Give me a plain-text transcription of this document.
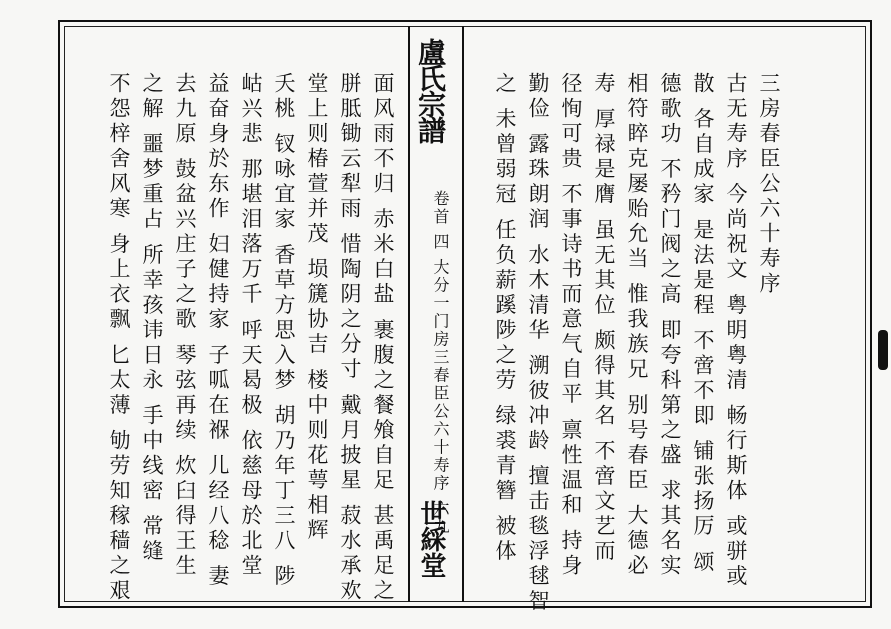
盧氏宗譜
卷首 四 大分一门房三春臣公六十寿序 六九
世綵堂
三房春臣公六十寿序
古无寿序 今尚祝文 粤明粤清 畅行斯体 或骈或
散 各自成家 是法是程 不啻不即 铺张扬厉 颂
德歌功 不矜门阀之高 即夸科第之盛 求其名实
相符睟克屡贻允当 惟我族兄 别号春臣 大德必
寿 厚禄是膺 虽无其位 颇得其名 不啻文艺而
径恂可贵 不事诗书而意气自平 禀性温和 持身
勤俭 露珠朗润 水木清华 溯彼冲龄 擅击毯浮毬智
之 未曾弱冠 任负薪蹊陟之劳 绿裘青簪 被体
面风雨不归 赤米白盐 裹腹之餐飧自足 甚禹足之
胼胝锄云犁雨 惜陶阴之分寸 戴月披星 菽水承欢
堂上则椿萱并茂 埙篪协吉 楼中则花萼相辉
夭桃 钗咏宜家 香草方思入梦 胡乃年丁三八 陟
岵兴悲 那堪泪落万千 呼天曷极 依慈母於北堂
益奋身於东作 妇健持家 子呱在褓 儿经八稔 妻
去九原 鼓盆兴庄子之歌 琴弦再续 炊臼得王生
之解 噩梦重占 所幸孩讳日永 手中线密 常缝
不怨梓舍风寒 身上衣飘 匕太薄 劬劳知稼穑之艰
